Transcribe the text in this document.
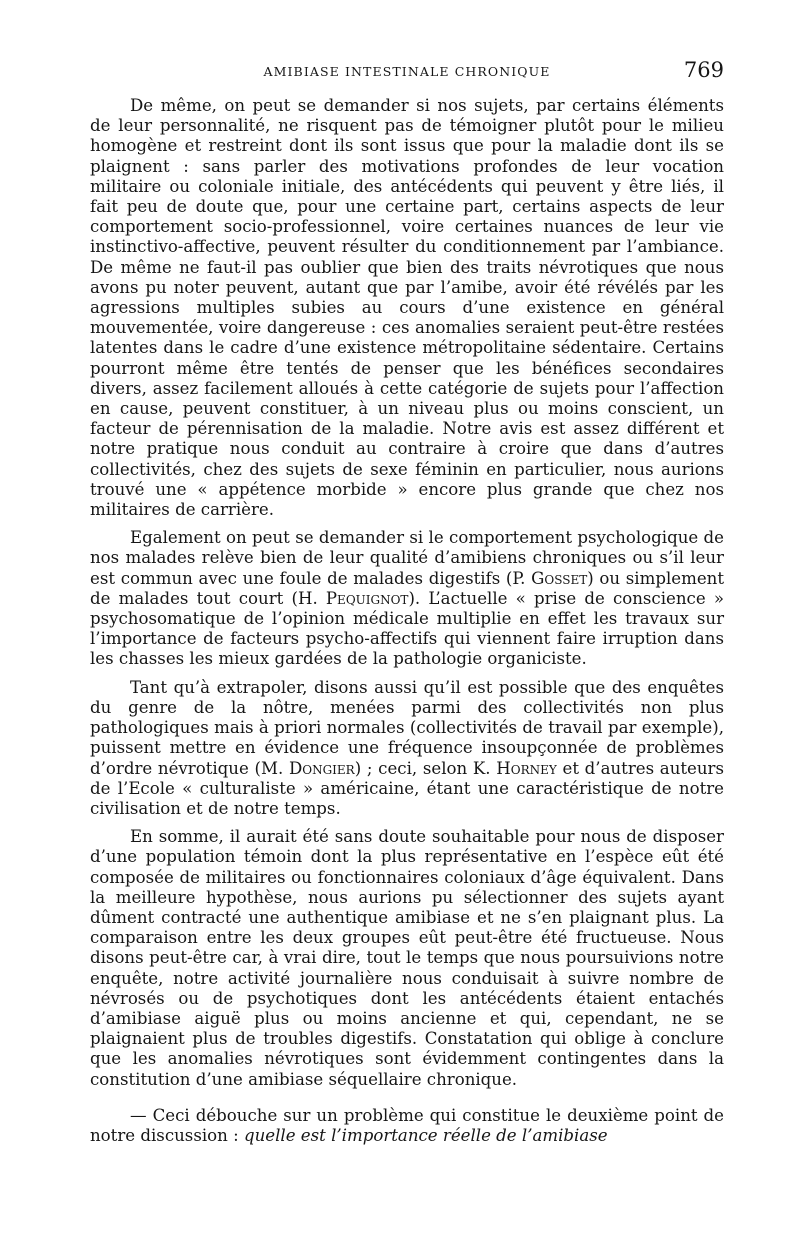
AMIBIASE INTESTINALE CHRONIQUE	769

De même, on peut se demander si nos sujets, par certains éléments de leur personnalité, ne risquent pas de témoigner plutôt pour le milieu homogène et restreint dont ils sont issus que pour la maladie dont ils se plaignent : sans parler des motivations profondes de leur vocation militaire ou coloniale initiale, des antécédents qui peuvent y être liés, il fait peu de doute que, pour une certaine part, certains aspects de leur comportement socio-professionnel, voire certaines nuances de leur vie instinctivo-affective, peuvent résulter du conditionnement par l’ambiance. De même ne faut-il pas oublier que bien des traits névrotiques que nous avons pu noter peuvent, autant que par l’amibe, avoir été révélés par les agressions multiples subies au cours d’une existence en général mouvementée, voire dangereuse : ces anomalies seraient peut-être restées latentes dans le cadre d’une existence métropolitaine sédentaire. Certains pourront même être tentés de penser que les bénéfices secondaires divers, assez facilement alloués à cette catégorie de sujets pour l’affection en cause, peuvent constituer, à un niveau plus ou moins conscient, un facteur de pérennisation de la maladie. Notre avis est assez différent et notre pratique nous conduit au contraire à croire que dans d’autres collectivités, chez des sujets de sexe féminin en particulier, nous aurions trouvé une « appétence morbide » encore plus grande que chez nos militaires de carrière.

Egalement on peut se demander si le comportement psychologique de nos malades relève bien de leur qualité d’amibiens chroniques ou s’il leur est commun avec une foule de malades digestifs (P. Gosset) ou simplement de malades tout court (H. Pequignot). L’actuelle « prise de conscience » psychosomatique de l’opinion médicale multiplie en effet les travaux sur l’importance de facteurs psycho-affectifs qui viennent faire irruption dans les chasses les mieux gardées de la pathologie organiciste.

Tant qu’à extrapoler, disons aussi qu’il est possible que des enquêtes du genre de la nôtre, menées parmi des collectivités non plus pathologiques mais à priori normales (collectivités de travail par exemple), puissent mettre en évidence une fréquence insoupçonnée de problèmes d’ordre névrotique (M. Dongier) ; ceci, selon K. Horney et d’autres auteurs de l’Ecole « culturaliste » américaine, étant une caractéristique de notre civilisation et de notre temps.

En somme, il aurait été sans doute souhaitable pour nous de disposer d’une population témoin dont la plus représentative en l’espèce eût été composée de militaires ou fonctionnaires coloniaux d’âge équivalent. Dans la meilleure hypothèse, nous aurions pu sélectionner des sujets ayant dûment contracté une authentique amibiase et ne s’en plaignant plus. La comparaison entre les deux groupes eût peut-être été fructueuse. Nous disons peut-être car, à vrai dire, tout le temps que nous poursuivions notre enquête, notre activité journalière nous conduisait à suivre nombre de névrosés ou de psychotiques dont les antécédents étaient entachés d’amibiase aiguë plus ou moins ancienne et qui, cependant, ne se plaignaient plus de troubles digestifs. Constatation qui oblige à conclure que les anomalies névrotiques sont évidemment contingentes dans la constitution d’une amibiase séquellaire chronique.

— Ceci débouche sur un problème qui constitue le deuxième point de notre discussion : quelle est l’importance réelle de l’amibiase
